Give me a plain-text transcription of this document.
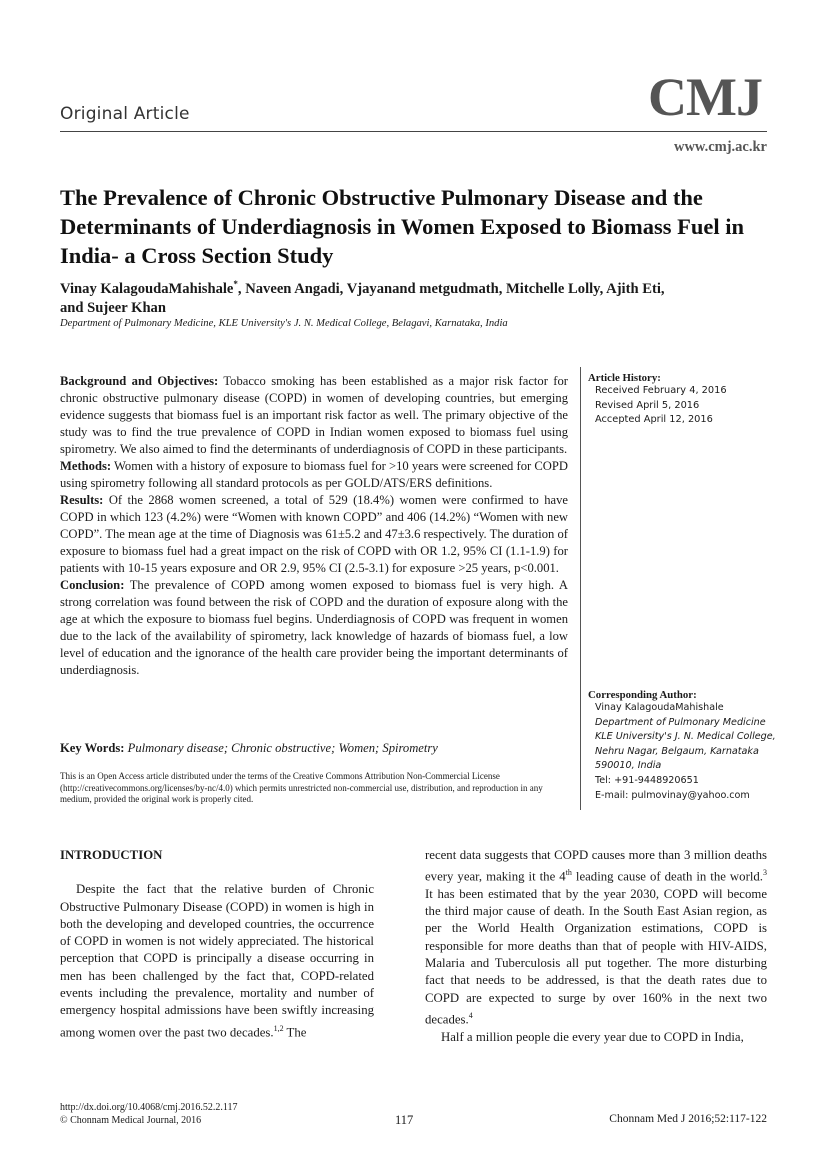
Original Article	CMJ
www.cmj.ac.kr
The Prevalence of Chronic Obstructive Pulmonary Disease and the Determinants of Underdiagnosis in Women Exposed to Biomass Fuel in India- a Cross Section Study
Vinay KalagoudaMahishale*, Naveen Angadi, Vjayanand metgudmath, Mitchelle Lolly, Ajith Eti,
and Sujeer Khan
Department of Pulmonary Medicine, KLE University's J. N. Medical College, Belagavi, Karnataka, India

Background and Objectives: Tobacco smoking has been established as a major risk factor for chronic obstructive pulmonary disease (COPD) in women of developing countries, but emerging evidence suggests that biomass fuel is an important risk factor as well. The primary objective of the study was to find the true prevalence of COPD in Indian women exposed to biomass fuel using spirometry. We also aimed to find the determinants of underdiagnosis of COPD in these participants.

Methods: Women with a history of exposure to biomass fuel for >10 years were screened for COPD using spirometry following all standard protocols as per GOLD/ATS/ERS definitions.

Results: Of the 2868 women screened, a total of 529 (18.4%) women were confirmed to have COPD in which 123 (4.2%) were “Women with known COPD” and 406 (14.2%) “Women with new COPD”. The mean age at the time of Diagnosis was 61±5.2 and 47±3.6 respectively. The duration of exposure to biomass fuel had a great impact on the risk of COPD with OR 1.2, 95% CI (1.1-1.9) for patients with 10-15 years exposure and OR 2.9, 95% CI (2.5-3.1) for exposure >25 years, p<0.001.

Conclusion: The prevalence of COPD among women exposed to biomass fuel is very high. A strong correlation was found between the risk of COPD and the duration of exposure along with the age at which the exposure to biomass fuel begins. Underdiagnosis of COPD was frequent in women due to the lack of the availability of spirometry, lack knowledge of hazards of biomass fuel, a low level of education and the ignorance of the health care provider being the important determinants of underdiagnosis.

Key Words: Pulmonary disease; Chronic obstructive; Women; Spirometry
This is an Open Access article distributed under the terms of the Creative Commons Attribution Non-Commercial License (http://creativecommons.org/licenses/by-nc/4.0) which permits unrestricted non-commercial use, distribution, and reproduction in any medium, provided the original work is properly cited.
Article History:
Received February 4, 2016
Revised April 5, 2016
Accepted April 12, 2016
Corresponding Author:
Vinay KalagoudaMahishale
Department of Pulmonary Medicine
KLE University's J. N. Medical College,
Nehru Nagar, Belgaum, Karnataka
590010, India
Tel: +91-9448920651
E-mail: pulmovinay@yahoo.com

INTRODUCTION

Despite the fact that the relative burden of Chronic Obstructive Pulmonary Disease (COPD) in women is high in both the developing and developed countries, the occurrence of COPD in women is not widely appreciated. The historical perception that COPD is principally a disease occurring in men has been challenged by the fact that, COPD-related events including the prevalence, mortality and number of emergency hospital admissions have been swiftly increasing among women over the past two decades.$^{1,2}$ The

recent data suggests that COPD causes more than 3 million deaths every year, making it the 4th leading cause of death in the world.$^3$ It has been estimated that by the year 2030, COPD will become the third major cause of death. In the South East Asian region, as per the World Health Organization estimations, COPD is responsible for more deaths than that of people with HIV-AIDS, Malaria and Tuberculosis all put together. The more disturbing fact that needs to be addressed, is that the death rates due to COPD are expected to surge by over 160% in the next two decades.$^4$

Half a million people die every year due to COPD in India,

http://dx.doi.org/10.4068/cmj.2016.52.2.117
© Chonnam Medical Journal, 2016	117	Chonnam Med J 2016;52:117-122
